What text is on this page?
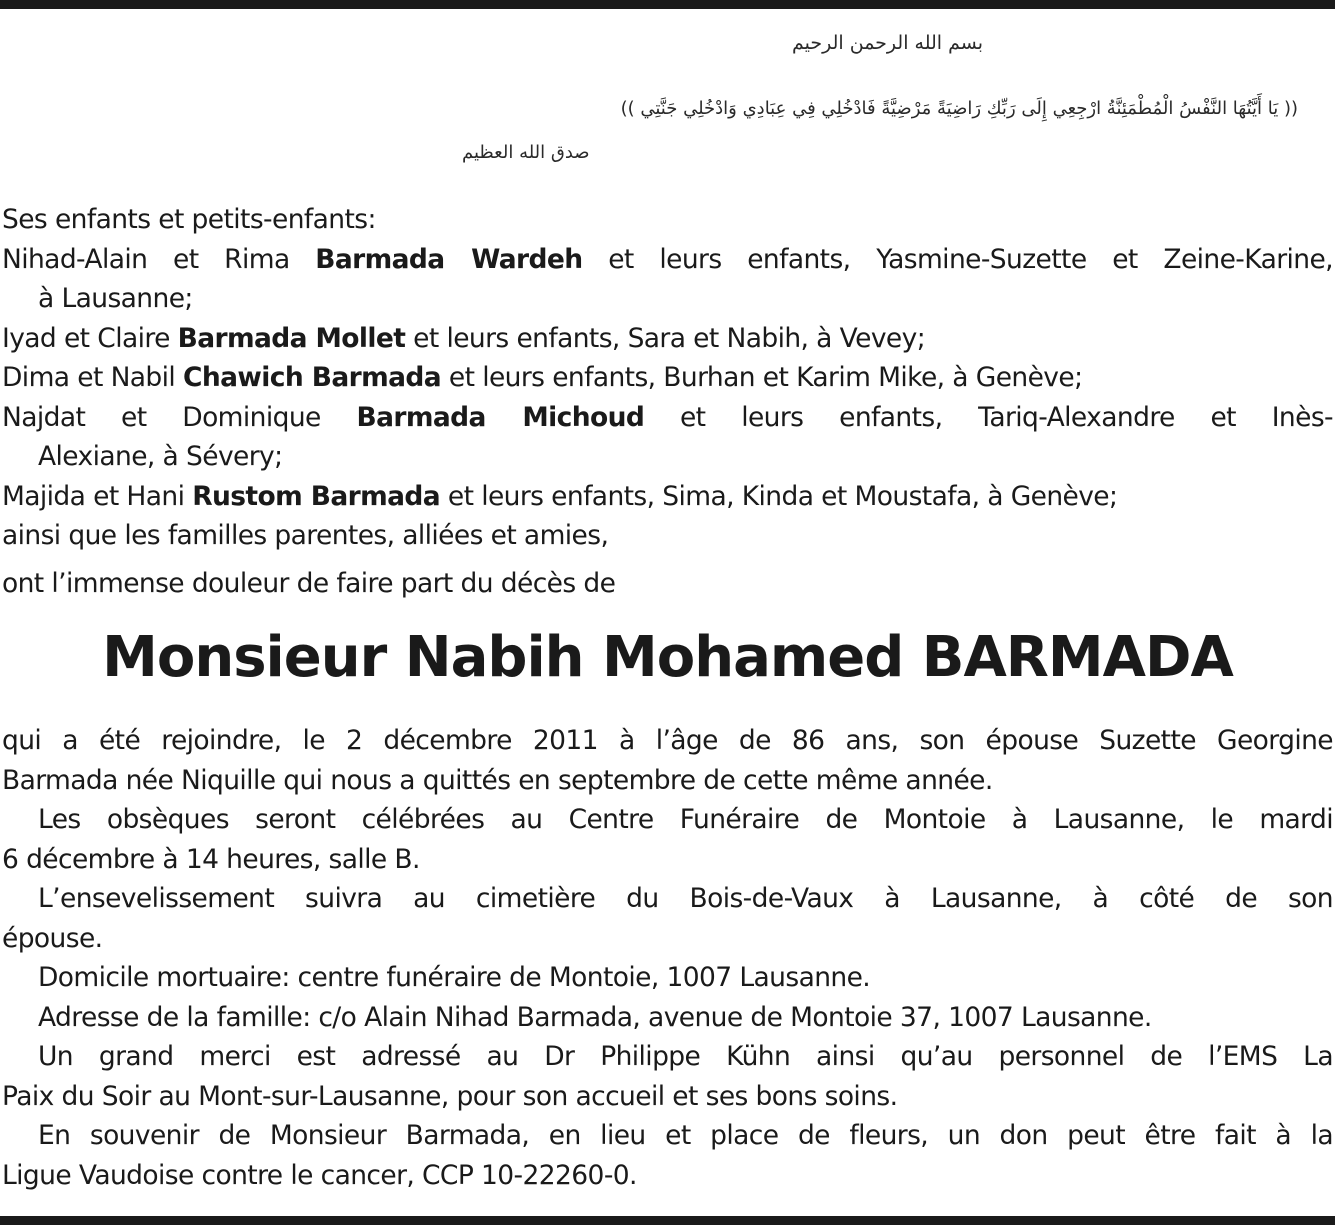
بسم الله الرحمن الرحيم
(( يَا أَيَّتُهَا النَّفْسُ الْمُطْمَئِنَّةُ ارْجِعِي إِلَى رَبِّكِ رَاضِيَةً مَرْضِيَّةً فَادْخُلِي فِي عِبَادِي وَادْخُلِي جَنَّتِي ))
صدق الله العظيم

Ses enfants et petits-enfants:

Nihad-Alain et Rima Barmada Wardeh et leurs enfants, Yasmine-Suzette et Zeine-Karine,

à Lausanne;

Iyad et Claire Barmada Mollet et leurs enfants, Sara et Nabih, à Vevey;

Dima et Nabil Chawich Barmada et leurs enfants, Burhan et Karim Mike, à Genève;

Najdat et Dominique Barmada Michoud et leurs enfants, Tariq-Alexandre et Inès-

Alexiane, à Sévery;

Majida et Hani Rustom Barmada et leurs enfants, Sima, Kinda et Moustafa, à Genève;

ainsi que les familles parentes, alliées et amies,

ont l’immense douleur de faire part du décès de

Monsieur Nabih Mohamed BARMADA

qui a été rejoindre, le 2 décembre 2011 à l’âge de 86 ans, son épouse Suzette Georgine

Barmada née Niquille qui nous a quittés en septembre de cette même année.

Les obsèques seront célébrées au Centre Funéraire de Montoie à Lausanne, le mardi

6 décembre à 14 heures, salle B.

L’ensevelissement suivra au cimetière du Bois-de-Vaux à Lausanne, à côté de son

épouse.

Domicile mortuaire: centre funéraire de Montoie, 1007 Lausanne.

Adresse de la famille: c/o Alain Nihad Barmada, avenue de Montoie 37, 1007 Lausanne.

Un grand merci est adressé au Dr Philippe Kühn ainsi qu’au personnel de l’EMS La

Paix du Soir au Mont-sur-Lausanne, pour son accueil et ses bons soins.

En souvenir de Monsieur Barmada, en lieu et place de fleurs, un don peut être fait à la

Ligue Vaudoise contre le cancer, CCP 10-22260-0.
